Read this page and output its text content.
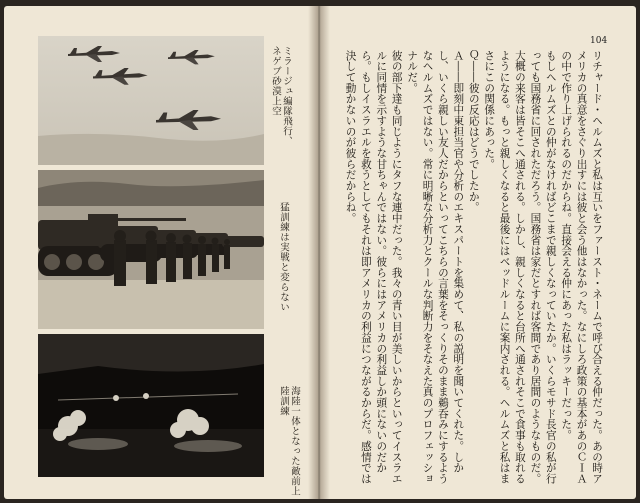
ミラージュ編隊飛行、
ネゲブ砂漠上空
猛訓練は実戦と変らない
海陸一体となった敵前上陸訓練
104

リチャード・ヘルムズと私は互いをファースト・ネームで呼び合える仲だった。あの時アメリカの真意をさぐり出すには彼と会う他はなかった。なにしろ政策の基本があのＣＩＡの中で作り上げられるのだからね。直接会える仲にあった私はラッキーだった。

もしヘルムズとの仲がなければどこまで親しくなっていたか。いくらモサド長官の私が行っても国務省に回されただろう。国務省は家だとすれば客間であり居間のようなものだ。大概の来客は皆そこへ通される。しかし、親しくなると台所へ通されそこで食事も取れるようになる。もっと親しくなると最後にはベッドルームに案内される。ヘルムズと私はまさにこの関係にあった。

Ｑ――彼の反応はどうでしたか。

Ａ――即刻中東担当官や分析のエキスパートを集めて、私の説明を聞いてくれた。しかし、いくら親しい友人だからといってこちらの言葉をそっくりそのまま鵜呑みにするようなヘルムズではない。常に明晰な分析力とクールな判断力をそなえた真のプロフェッショナルだ。

彼の部下達も同じようにタフな連中だった。我々の青い目が美しいからといってイスラエルに同情を示すような甘ちゃんではない。彼らにはアメリカの利益しか頭にないのだから。もしイスラエルを救うとしてもそれは即アメリカの利益につながるからだ。感情では決して動かないのが彼らだからね。
